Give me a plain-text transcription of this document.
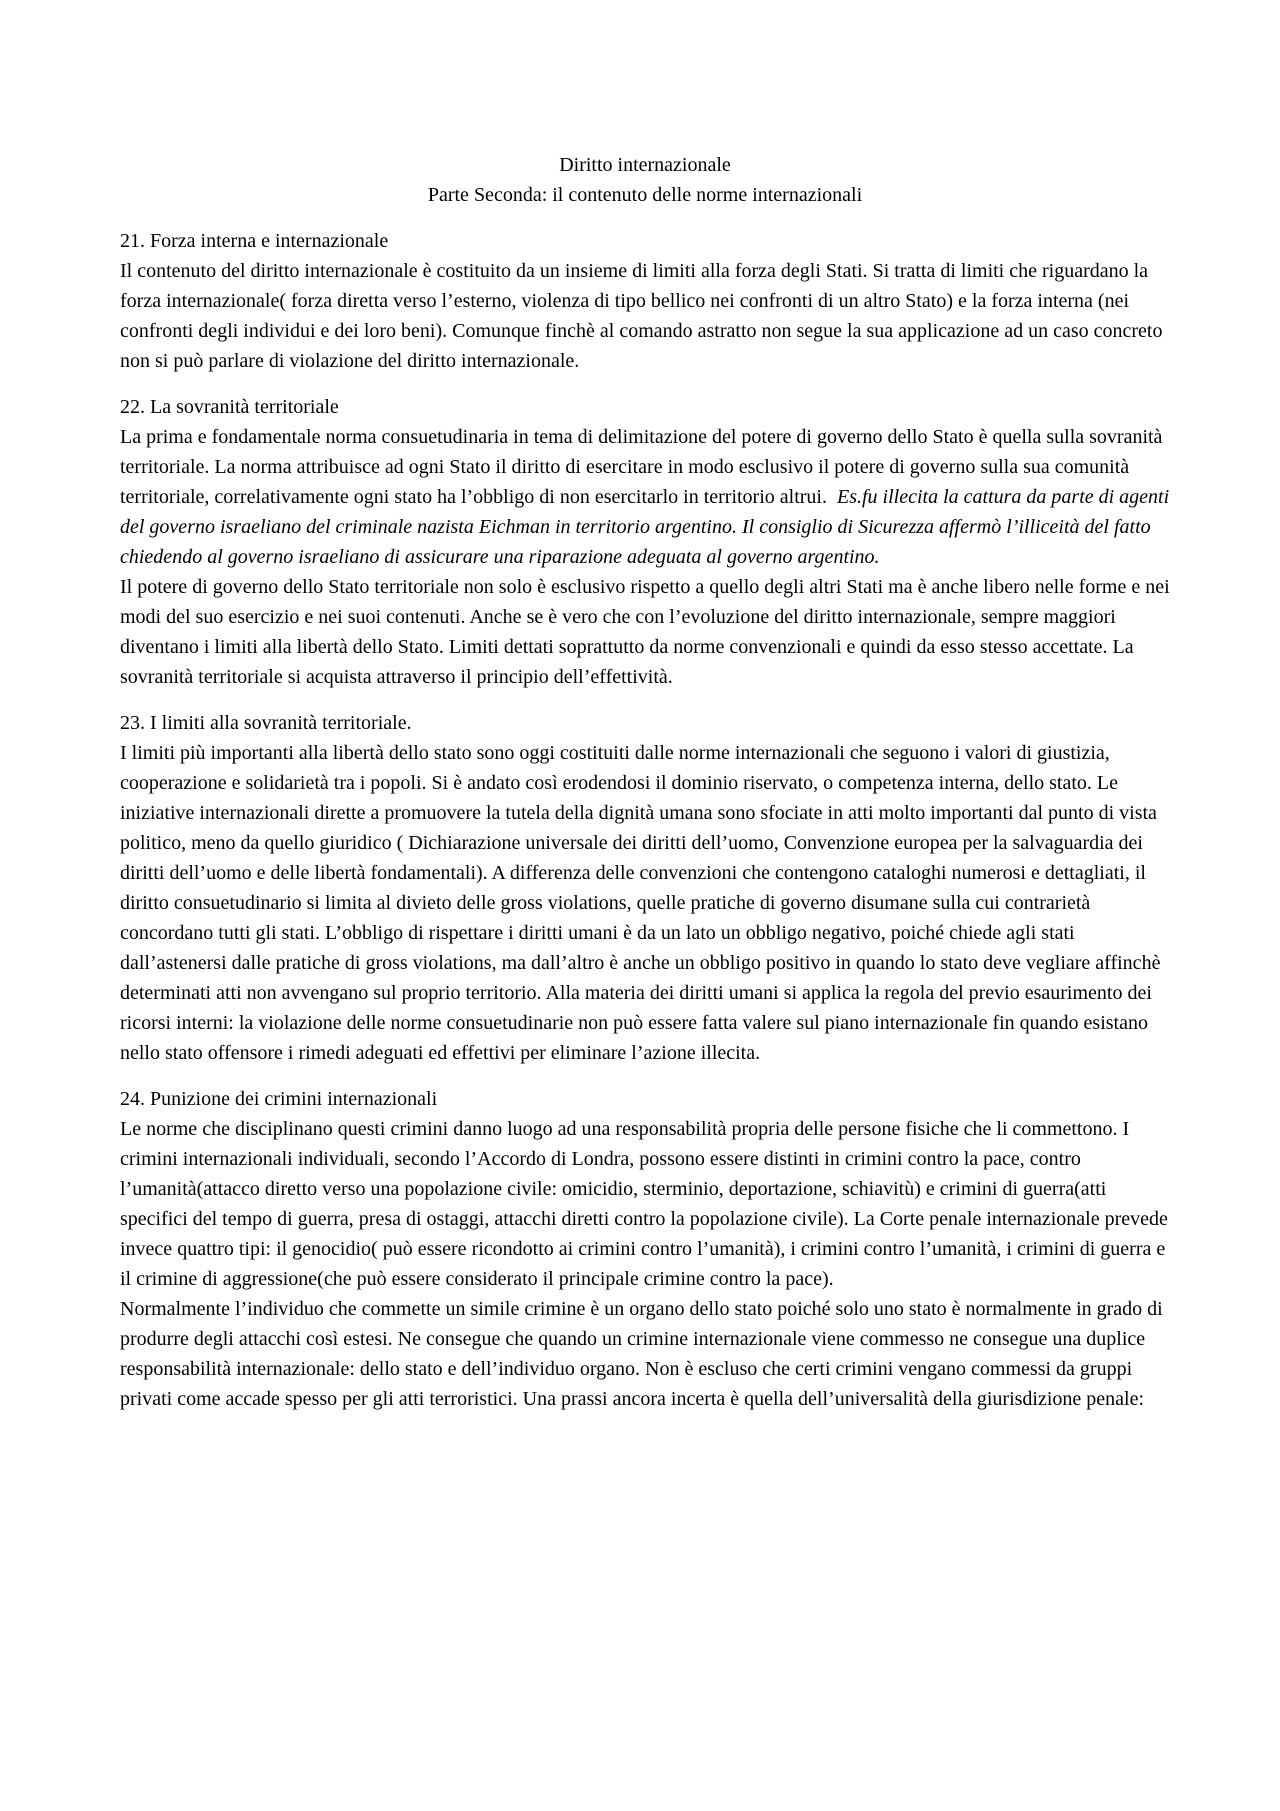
Diritto internazionale
Parte Seconda: il contenuto delle norme internazionali

21. Forza interna e internazionale

Il contenuto del diritto internazionale è costituito da un insieme di limiti alla forza degli Stati. Si tratta di limiti che riguardano la forza internazionale( forza diretta verso l’esterno, violenza di tipo bellico nei confronti di un altro Stato) e la forza interna (nei confronti degli individui e dei loro beni). Comunque finchè al comando astratto non segue la sua applicazione ad un caso concreto non si può parlare di violazione del diritto internazionale.

22. La sovranità territoriale

La prima e fondamentale norma consuetudinaria in tema di delimitazione del potere di governo dello Stato è quella sulla sovranità territoriale. La norma attribuisce ad ogni Stato il diritto di esercitare in modo esclusivo il potere di governo sulla sua comunità territoriale, correlativamente ogni stato ha l’obbligo di non esercitarlo in territorio altrui. Es.fu illecita la cattura da parte di agenti del governo israeliano del criminale nazista Eichman in territorio argentino. Il consiglio di Sicurezza affermò l’illiceità del fatto chiedendo al governo israeliano di assicurare una riparazione adeguata al governo argentino.

Il potere di governo dello Stato territoriale non solo è esclusivo rispetto a quello degli altri Stati ma è anche libero nelle forme e nei modi del suo esercizio e nei suoi contenuti. Anche se è vero che con l’evoluzione del diritto internazionale, sempre maggiori diventano i limiti alla libertà dello Stato. Limiti dettati soprattutto da norme convenzionali e quindi da esso stesso accettate. La sovranità territoriale si acquista attraverso il principio dell’effettività.

23. I limiti alla sovranità territoriale.

I limiti più importanti alla libertà dello stato sono oggi costituiti dalle norme internazionali che seguono i valori di giustizia, cooperazione e solidarietà tra i popoli. Si è andato così erodendosi il dominio riservato, o competenza interna, dello stato. Le iniziative internazionali dirette a promuovere la tutela della dignità umana sono sfociate in atti molto importanti dal punto di vista politico, meno da quello giuridico ( Dichiarazione universale dei diritti dell’uomo, Convenzione europea per la salvaguardia dei diritti dell’uomo e delle libertà fondamentali). A differenza delle convenzioni che contengono cataloghi numerosi e dettagliati, il diritto consuetudinario si limita al divieto delle gross violations, quelle pratiche di governo disumane sulla cui contrarietà concordano tutti gli stati. L’obbligo di rispettare i diritti umani è da un lato un obbligo negativo, poiché chiede agli stati dall’astenersi dalle pratiche di gross violations, ma dall’altro è anche un obbligo positivo in quando lo stato deve vegliare affinchè determinati atti non avvengano sul proprio territorio. Alla materia dei diritti umani si applica la regola del previo esaurimento dei ricorsi interni: la violazione delle norme consuetudinarie non può essere fatta valere sul piano internazionale fin quando esistano nello stato offensore i rimedi adeguati ed effettivi per eliminare l’azione illecita.

24. Punizione dei crimini internazionali

Le norme che disciplinano questi crimini danno luogo ad una responsabilità propria delle persone fisiche che li commettono. I crimini internazionali individuali, secondo l’Accordo di Londra, possono essere distinti in crimini contro la pace, contro l’umanità(attacco diretto verso una popolazione civile: omicidio, sterminio, deportazione, schiavitù) e crimini di guerra(atti specifici del tempo di guerra, presa di ostaggi, attacchi diretti contro la popolazione civile). La Corte penale internazionale prevede invece quattro tipi: il genocidio( può essere ricondotto ai crimini contro l’umanità), i crimini contro l’umanità, i crimini di guerra e il crimine di aggressione(che può essere considerato il principale crimine contro la pace).

Normalmente l’individuo che commette un simile crimine è un organo dello stato poiché solo uno stato è normalmente in grado di produrre degli attacchi così estesi. Ne consegue che quando un crimine internazionale viene commesso ne consegue una duplice responsabilità internazionale: dello stato e dell’individuo organo. Non è escluso che certi crimini vengano commessi da gruppi privati come accade spesso per gli atti terroristici. Una prassi ancora incerta è quella dell’universalità della giurisdizione penale:
